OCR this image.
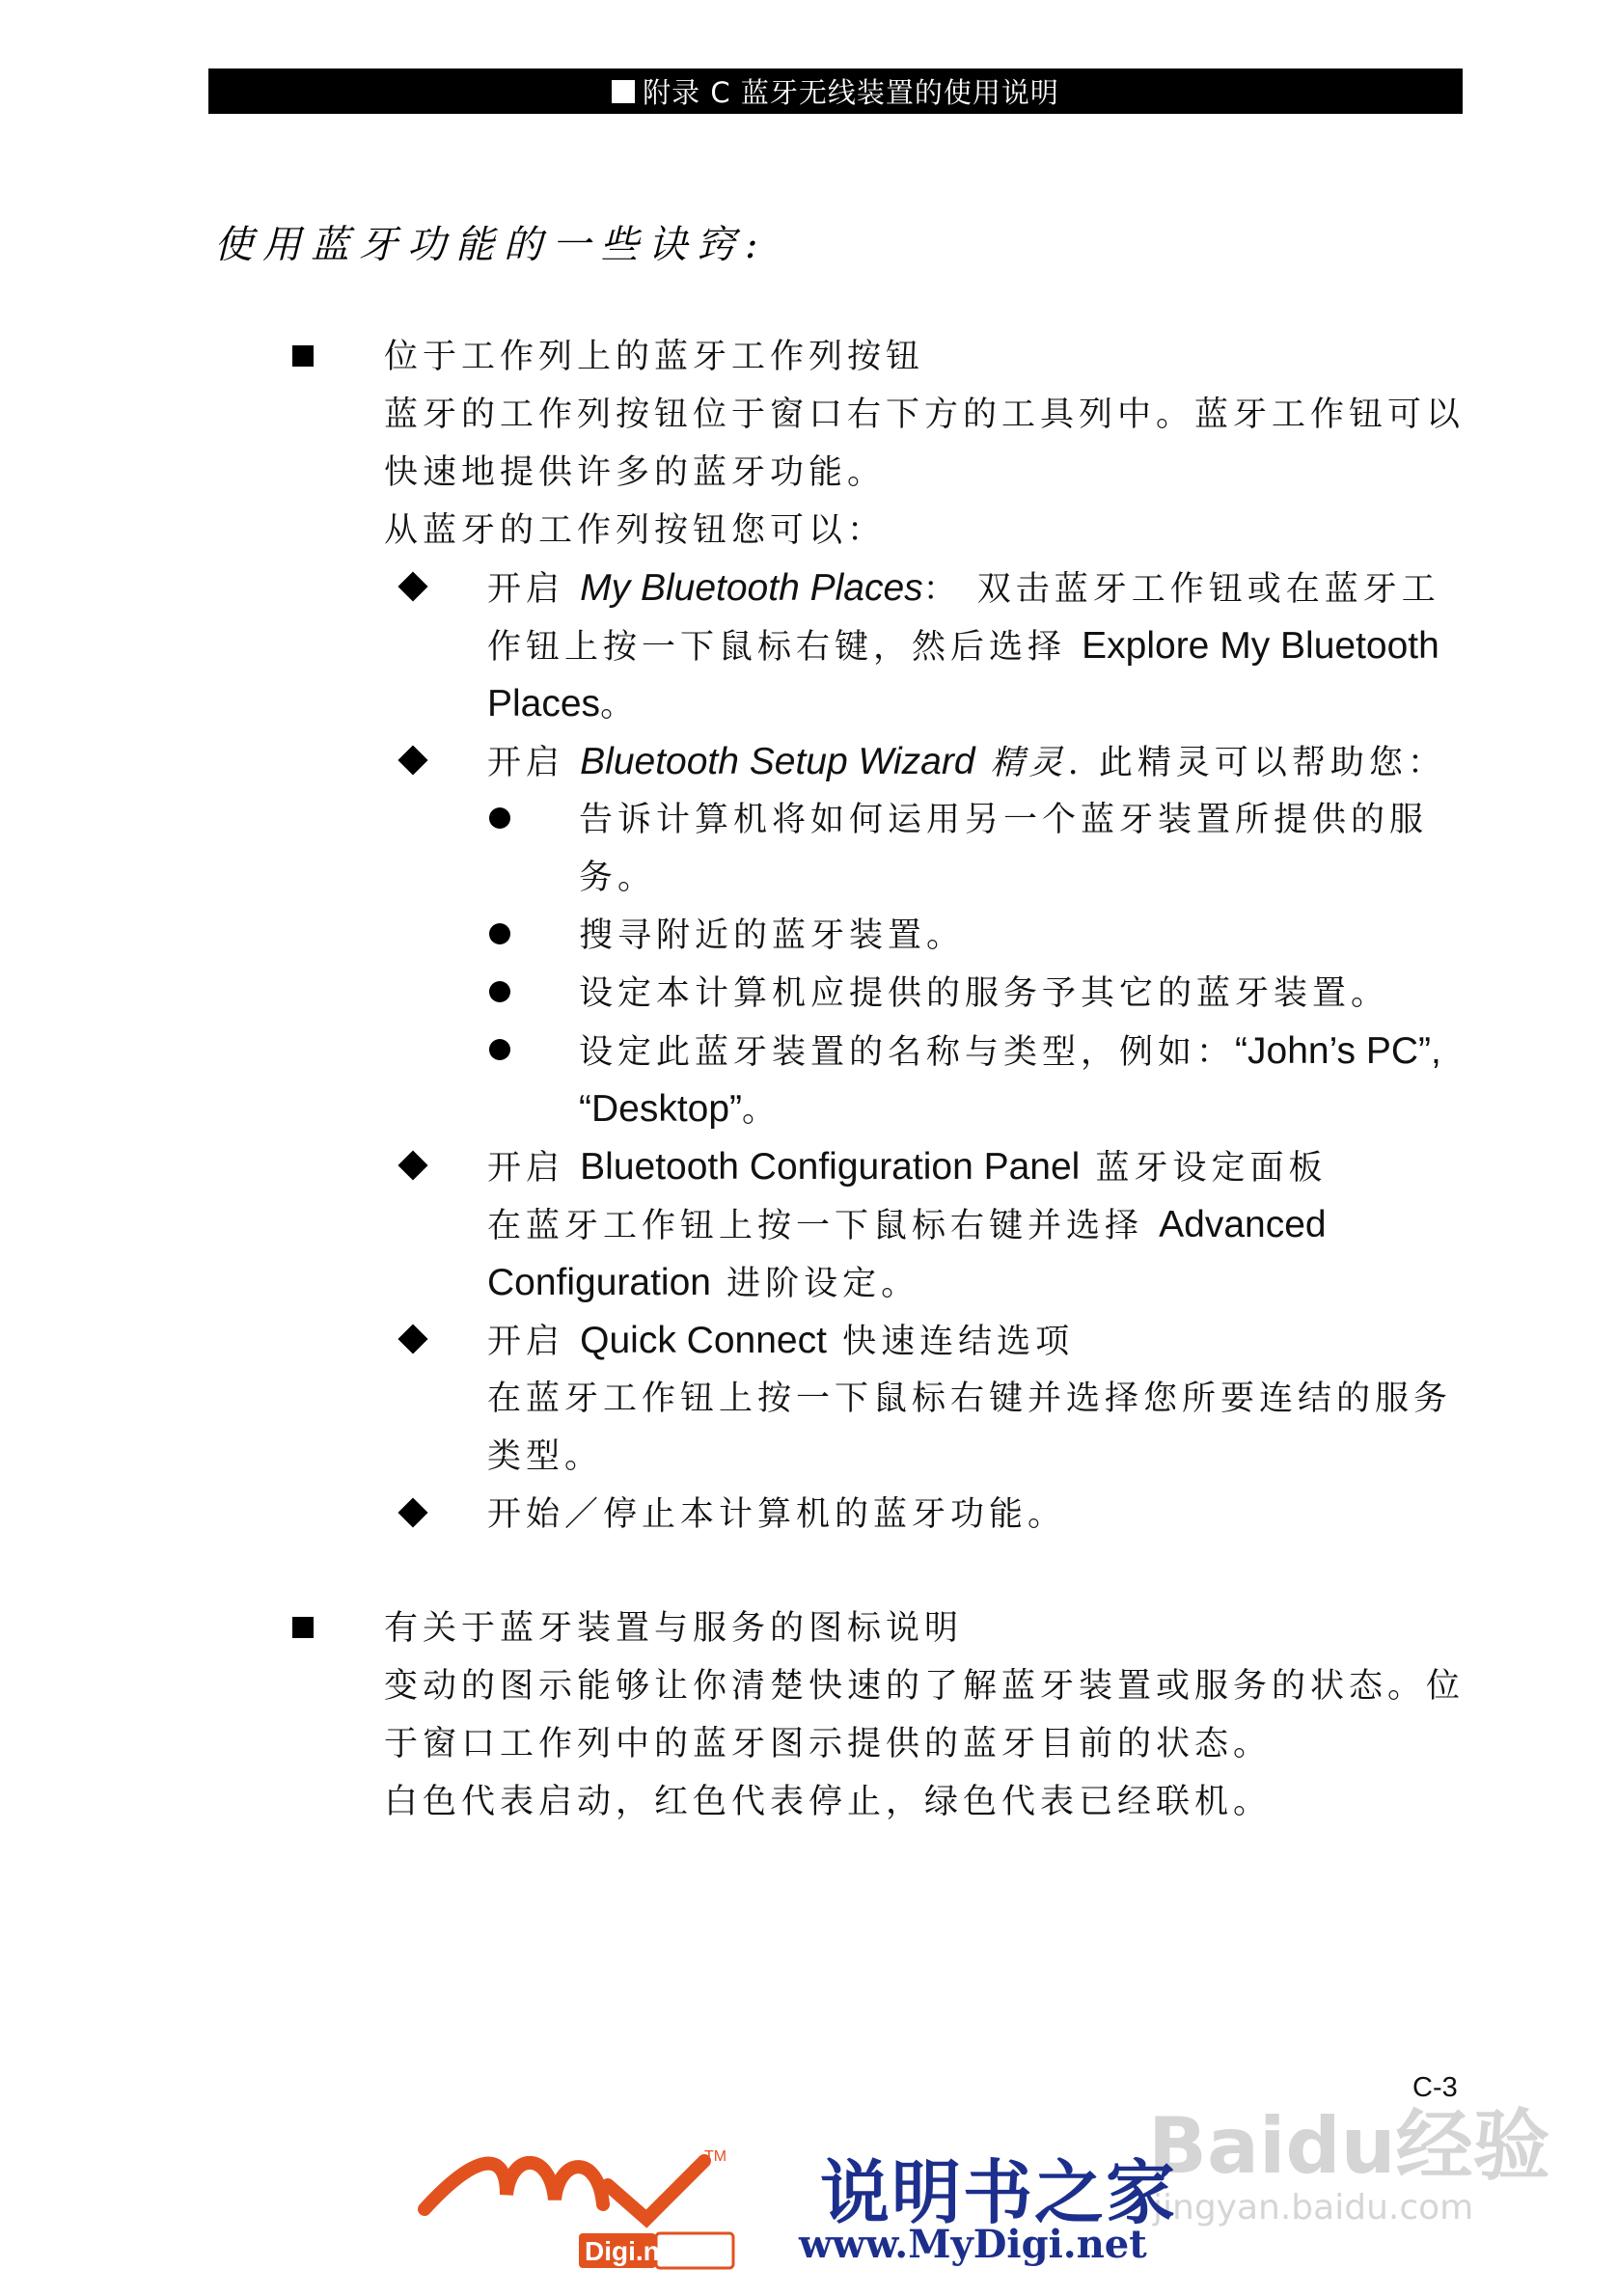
附录 C 蓝牙无线装置的使用说明
使用蓝牙功能的一些诀窍:
位于工作列上的蓝牙工作列按钮
蓝牙的工作列按钮位于窗口右下方的工具列中。蓝牙工作钮可以
快速地提供许多的蓝牙功能。
从蓝牙的工作列按钮您可以：
开启 My Bluetooth Places： 双击蓝牙工作钮或在蓝牙工
作钮上按一下鼠标右键，然后选择 Explore My Bluetooth
Places。
开启 Bluetooth Setup Wizard 精灵. 此精灵可以帮助您：
告诉计算机将如何运用另一个蓝牙装置所提供的服
务。
搜寻附近的蓝牙装置。
设定本计算机应提供的服务予其它的蓝牙装置。
设定此蓝牙装置的名称与类型，例如：“John’s PC”,
“Desktop”。
开启 Bluetooth Configuration Panel 蓝牙设定面板
在蓝牙工作钮上按一下鼠标右键并选择 Advanced
Configuration 进阶设定。
开启 Quick Connect 快速连结选项
在蓝牙工作钮上按一下鼠标右键并选择您所要连结的服务
类型。
开始／停止本计算机的蓝牙功能。
有关于蓝牙装置与服务的图标说明
变动的图示能够让你清楚快速的了解蓝牙装置或服务的状态。位
于窗口工作列中的蓝牙图示提供的蓝牙目前的状态。
白色代表启动，红色代表停止，绿色代表已经联机。
C-3
Baidu经验
jingyan.baidu.com
TM
Digi.net
说明书之家
www.MyDigi.net
